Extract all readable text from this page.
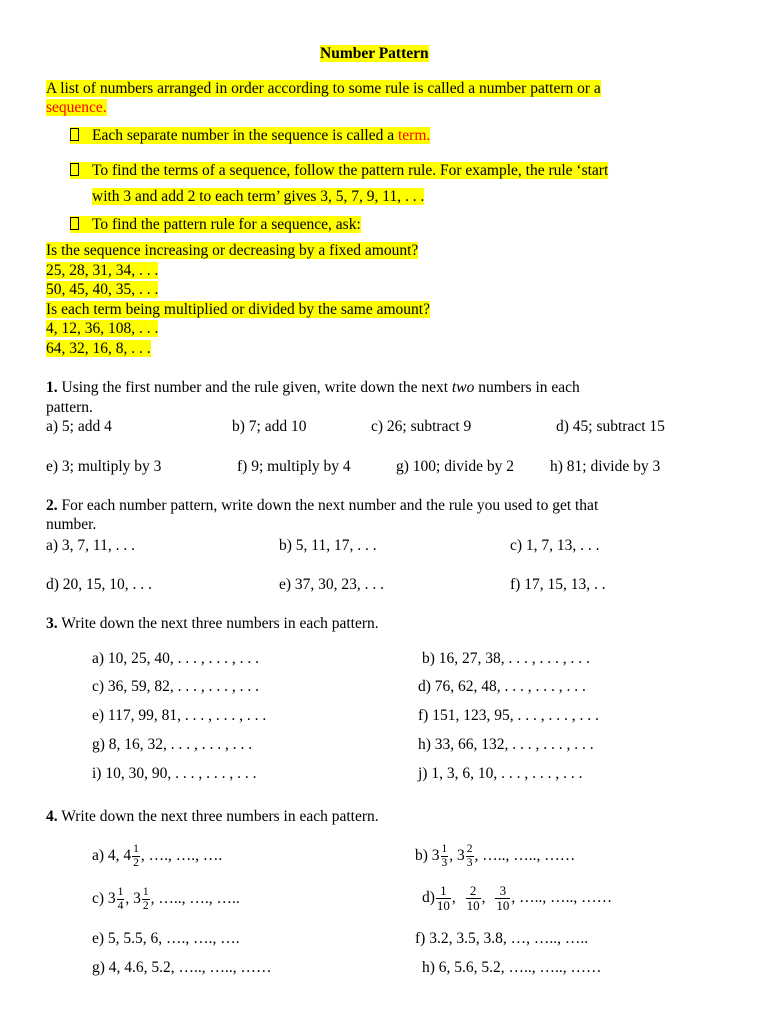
Number Pattern
A list of numbers arranged in order according to some rule is called a number pattern or a
sequence.
Each separate number in the sequence is called a term.
To find the terms of a sequence, follow the pattern rule. For example, the rule ‘start
with 3 and add 2 to each term’ gives 3, 5, 7, 9, 11, . . .
To find the pattern rule for a sequence, ask:
Is the sequence increasing or decreasing by a fixed amount?
25, 28, 31, 34, . . .
50, 45, 40, 35, . . .
Is each term being multiplied or divided by the same amount?
4, 12, 36, 108, . . .
64, 32, 16, 8, . . .
1. Using the first number and the rule given, write down the next two numbers in each
pattern.
a) 5; add 4	b) 7; add 10	c) 26; subtract 9	d) 45; subtract 15
e) 3; multiply by 3	f) 9; multiply by 4	g) 100; divide by 2 h) 81; divide by 3
2. For each number pattern, write down the next number and the rule you used to get that
number.
a) 3, 7, 11, . . .	b) 5, 11, 17, . . .	c) 1, 7, 13, . . .
d) 20, 15, 10, . . .	e) 37, 30, 23, . . .	f) 17, 15, 13, . .
3. Write down the next three numbers in each pattern.
a) 10, 25, 40, . . . , . . . , . . .	b) 16, 27, 38, . . . , . . . , . . .
c) 36, 59, 82, . . . , . . . , . . .	d) 76, 62, 48, . . . , . . . , . . .
e) 117, 99, 81, . . . , . . . , . . .	f) 151, 123, 95, . . . , . . . , . . .
g) 8, 16, 32, . . . , . . . , . . .	h) 33, 66, 132, . . . , . . . , . . .
i) 10, 30, 90, . . . , . . . , . . .	j) 1, 3, 6, 10, . . . , . . . , . . .
4. Write down the next three numbers in each pattern.
a) 4, $4 \frac{1}{2}$ , …., …., ….	b) $3 \frac{1}{3}$ , $3 \frac{2}{3}$ , ….., ….., ……
c) $3 \frac{1}{4}$ , $3 \frac{1}{2}$ , ….., …., …..	$d) \frac{1}{10}$ , $\frac{2}{10}$ , $\frac{3}{10}$ , ….., ….., ……
e) 5, 5.5, 6, …., …., ….	f) 3.2, 3.5, 3.8, …, ….., …..
g) 4, 4.6, 5.2, ….., ….., ……	h) 6, 5.6, 5.2, ….., ….., ……
